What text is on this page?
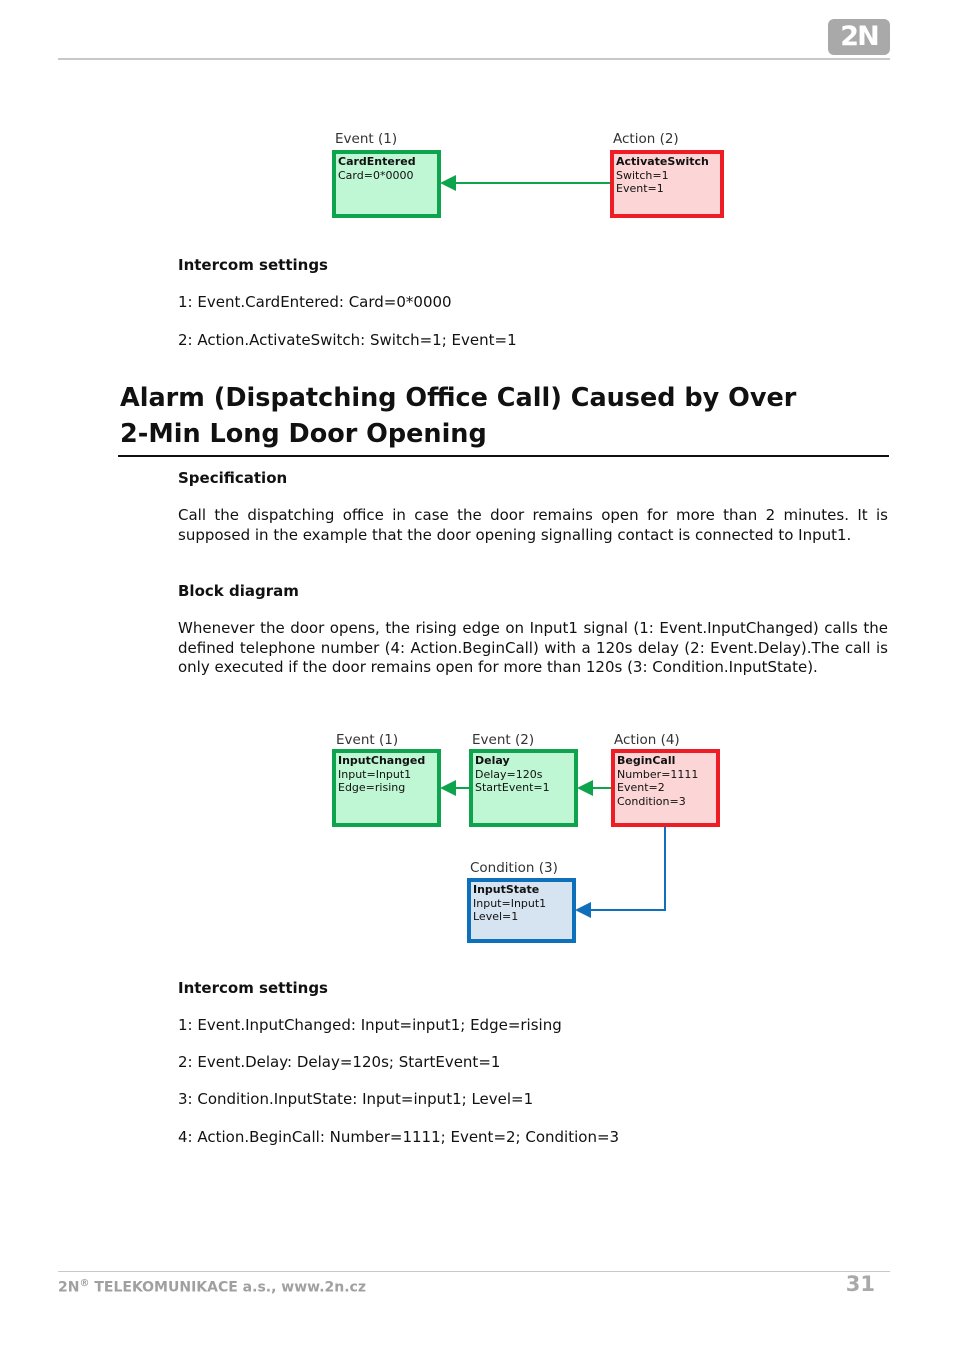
2N
Event (1)
CardEntered
Card=0*0000
Action (2)
ActivateSwitch
Switch=1
Event=1
Intercom settings
1: Event.CardEntered: Card=0*0000
2: Action.ActivateSwitch: Switch=1; Event=1
Alarm (Dispatching Office Call) Caused by Over
2-Min Long Door Opening
Specification
Call the dispatching office in case the door remains open for more than 2 minutes. It is supposed in the example that the door opening signalling contact is connected to Input1.
Block diagram
Whenever the door opens, the rising edge on Input1 signal (1: Event.InputChanged) calls the defined telephone number (4: Action.BeginCall) with a 120s delay (2: Event.Delay).The call is only executed if the door remains open for more than 120s (3: Condition.InputState).
Event (1)
InputChanged
Input=Input1
Edge=rising
Event (2)
Delay
Delay=120s
StartEvent=1
Action (4)
BeginCall
Number=1111
Event=2
Condition=3
Condition (3)
InputState
Input=Input1
Level=1
Intercom settings
1: Event.InputChanged: Input=input1; Edge=rising
2: Event.Delay: Delay=120s; StartEvent=1
3: Condition.InputState: Input=input1; Level=1
4: Action.BeginCall: Number=1111; Event=2; Condition=3
2N® TELEKOMUNIKACE a.s., www.2n.cz	31
